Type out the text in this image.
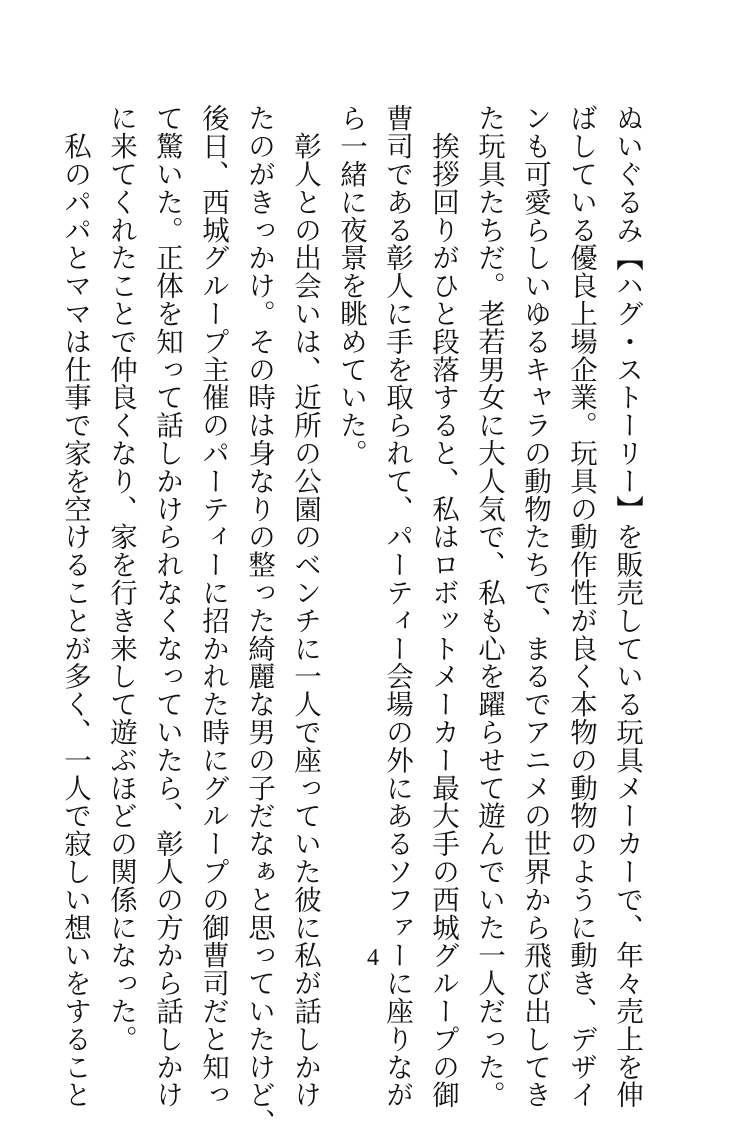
ぬいぐるみ【ハグ・ストーリー】を販売している玩具メーカーで、年々売上を伸
ばしている優良上場企業。玩具の動作性が良く本物の動物のように動き、デザイ
ンも可愛らしいゆるキャラの動物たちで、まるでアニメの世界から飛び出してき
た玩具たちだ。老若男女に大人気で、私も心を躍らせて遊んでいた一人だった。
　挨拶回りがひと段落すると、私はロボットメーカー最大手の西城グループの御
曹司である彰人に手を取られて、パーティー会場の外にあるソファーに座りなが
ら一緒に夜景を眺めていた。
　彰人との出会いは、近所の公園のベンチに一人で座っていた彼に私が話しかけ
たのがきっかけ。その時は身なりの整った綺麗な男の子だなぁと思っていたけど、
後日、西城グループ主催のパーティーに招かれた時にグループの御曹司だと知っ
て驚いた。正体を知って話しかけられなくなっていたら、彰人の方から話しかけ
に来てくれたことで仲良くなり、家を行き来して遊ぶほどの関係になった。
　私のパパとママは仕事で家を空けることが多く、一人で寂しい想いをすること	4
